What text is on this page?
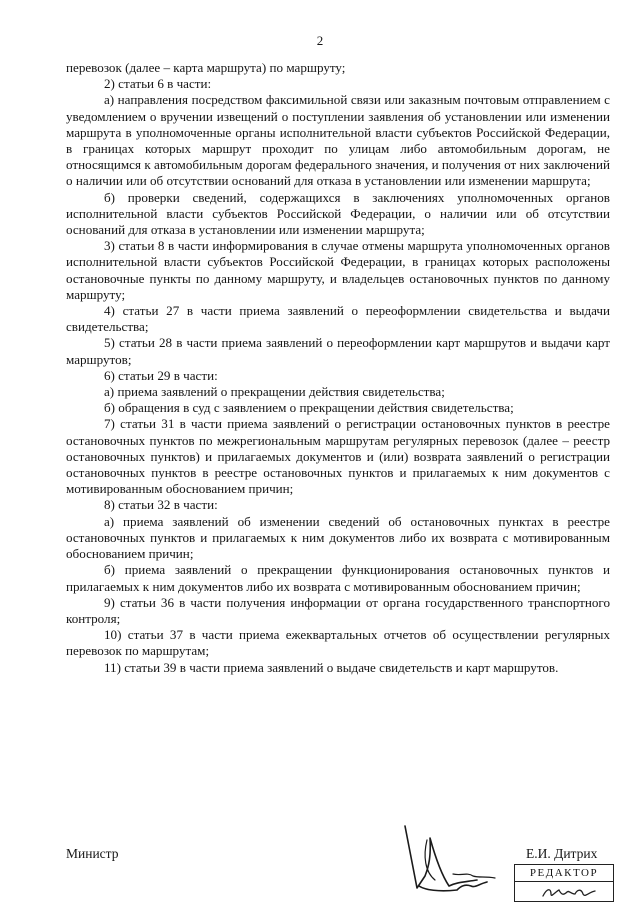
2

перевозок (далее – карта маршрута) по маршруту;

2) статьи 6 в части:

а) направления посредством факсимильной связи или заказным почтовым отправлением с уведомлением о вручении извещений о поступлении заявления об установлении или изменении маршрута в уполномоченные органы исполнительной власти субъектов Российской Федерации, в границах которых маршрут проходит по улицам либо автомобильным дорогам, не относящимся к автомобильным дорогам федерального значения, и получения от них заключений о наличии или об отсутствии оснований для отказа в установлении или изменении маршрута;

б) проверки сведений, содержащихся в заключениях уполномоченных органов исполнительной власти субъектов Российской Федерации, о наличии или об отсутствии оснований для отказа в установлении или изменении маршрута;

3) статьи 8 в части информирования в случае отмены маршрута уполномоченных органов исполнительной власти субъектов Российской Федерации, в границах которых расположены остановочные пункты по данному маршруту, и владельцев остановочных пунктов по данному маршруту;

4) статьи 27 в части приема заявлений о переоформлении свидетельства и выдачи свидетельства;

5) статьи 28 в части приема заявлений о переоформлении карт маршрутов и выдачи карт маршрутов;

6) статьи 29 в части:

а) приема заявлений о прекращении действия свидетельства;

б) обращения в суд с заявлением о прекращении действия свидетельства;

7) статьи 31 в части приема заявлений о регистрации остановочных пунктов в реестре остановочных пунктов по межрегиональным маршрутам регулярных перевозок (далее – реестр остановочных пунктов) и прилагаемых документов и (или) возврата заявлений о регистрации остановочных пунктов в реестре остановочных пунктов и прилагаемых к ним документов с мотивированным обоснованием причин;

8) статьи 32 в части:

а) приема заявлений об изменении сведений об остановочных пунктах в реестре остановочных пунктов и прилагаемых к ним документов либо их возврата с мотивированным обоснованием причин;

б) приема заявлений о прекращении функционирования остановочных пунктов и прилагаемых к ним документов либо их возврата с мотивированным обоснованием причин;

9) статьи 36 в части получения информации от органа государственного транспортного контроля;

10) статьи 37 в части приема ежеквартальных отчетов об осуществлении регулярных перевозок по маршрутам;

11) статьи 39 в части приема заявлений о выдаче свидетельств и карт маршрутов.

Министр	Е.И. Дитрих
РЕДАКТОР
